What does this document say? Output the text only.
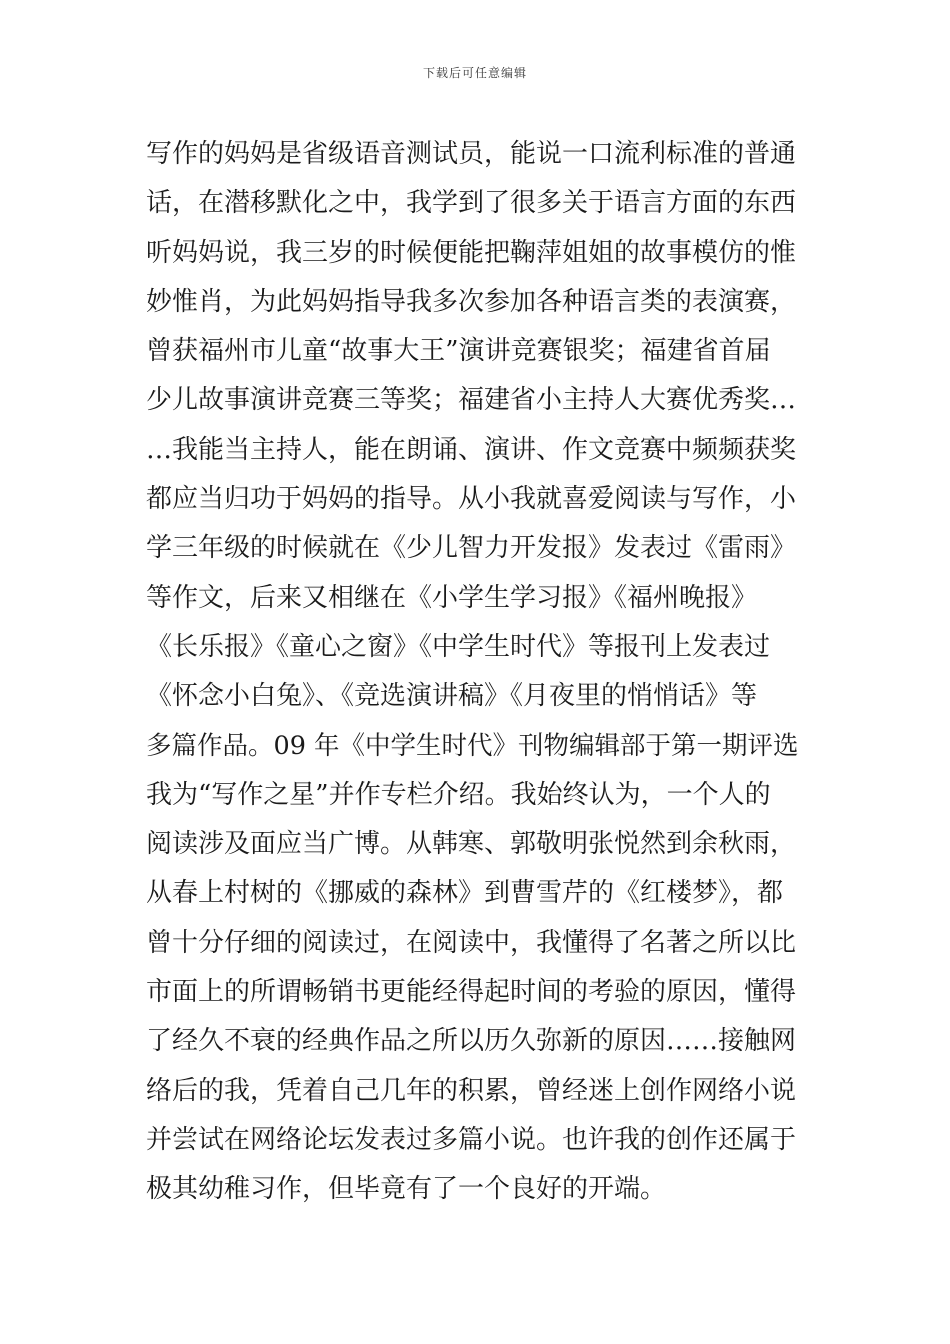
下载后可任意编辑
写作的妈妈是省级语音测试员，能说一口流利标准的普通
话，在潜移默化之中，我学到了很多关于语言方面的东西
听妈妈说，我三岁的时候便能把鞠萍姐姐的故事模仿的惟
妙惟肖，为此妈妈指导我多次参加各种语言类的表演赛，
曾获福州市儿童“故事大王”演讲竞赛银奖；福建省首届
少儿故事演讲竞赛三等奖；福建省小主持人大赛优秀奖…
…我能当主持人，能在朗诵、演讲、作文竞赛中频频获奖
都应当归功于妈妈的指导。从小我就喜爱阅读与写作，小
学三年级的时候就在《少儿智力开发报》发表过《雷雨》
等作文，后来又相继在《小学生学习报》《福州晚报》
《长乐报》《童心之窗》《中学生时代》等报刊上发表过
《怀念小白兔》、《竞选演讲稿》《月夜里的悄悄话》等
多篇作品。09 年《中学生时代》刊物编辑部于第一期评选
我为“写作之星”并作专栏介绍。我始终认为，一个人的
阅读涉及面应当广博。从韩寒、郭敬明张悦然到余秋雨，
从春上村树的《挪威的森林》到曹雪芹的《红楼梦》，都
曾十分仔细的阅读过，在阅读中，我懂得了名著之所以比
市面上的所谓畅销书更能经得起时间的考验的原因，懂得
了经久不衰的经典作品之所以历久弥新的原因……接触网
络后的我，凭着自己几年的积累，曾经迷上创作网络小说
并尝试在网络论坛发表过多篇小说。也许我的创作还属于
极其幼稚习作，但毕竟有了一个良好的开端。
